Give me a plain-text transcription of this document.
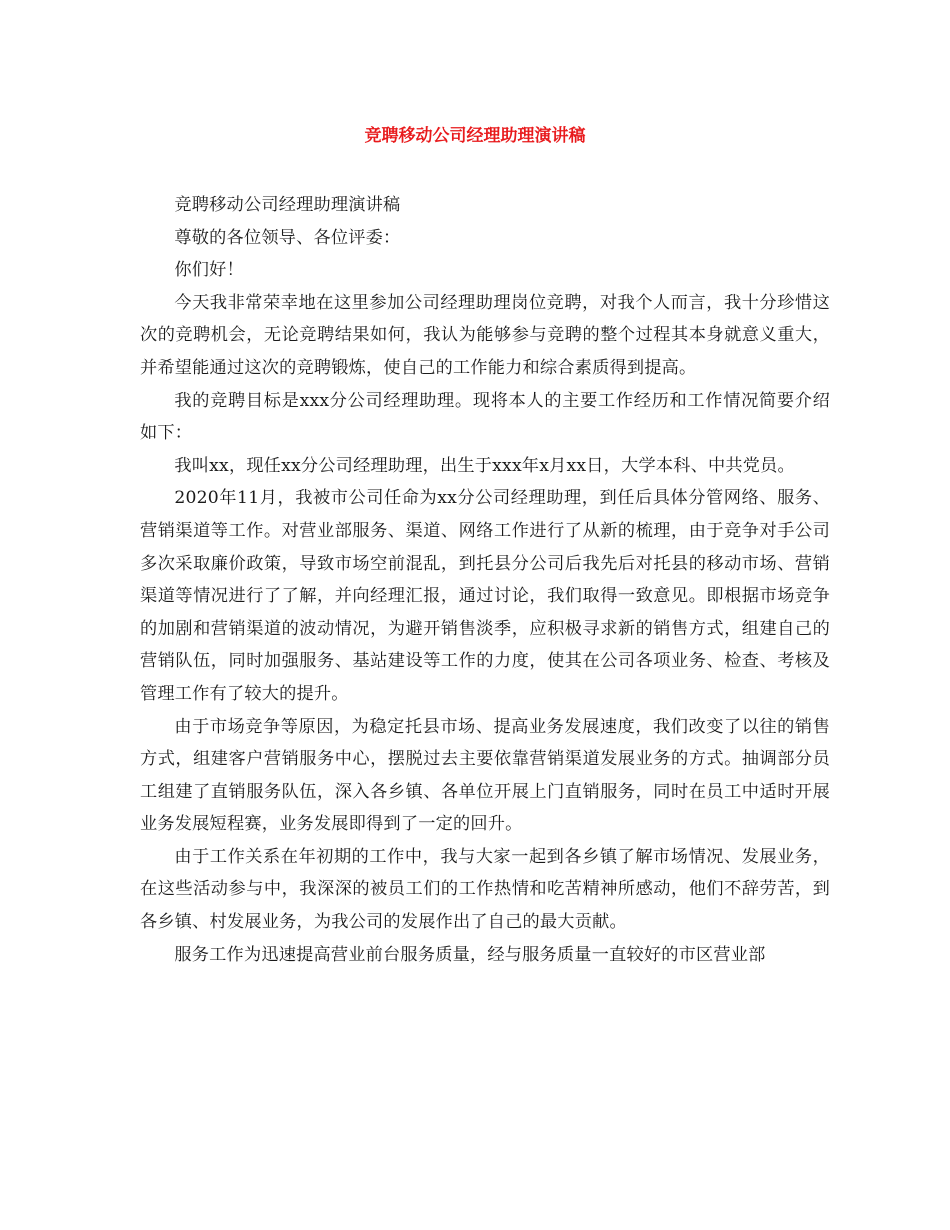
竞聘移动公司经理助理演讲稿

竞聘移动公司经理助理演讲稿

尊敬的各位领导、各位评委：

你们好！

今天我非常荣幸地在这里参加公司经理助理岗位竞聘，对我个人而言，我十分珍惜这次的竞聘机会，无论竞聘结果如何，我认为能够参与竞聘的整个过程其本身就意义重大，并希望能通过这次的竞聘锻炼，使自己的工作能力和综合素质得到提高。

我的竞聘目标是xxx分公司经理助理。现将本人的主要工作经历和工作情况简要介绍如下：

我叫xx，现任xx分公司经理助理，出生于xxx年x月xx日，大学本科、中共党员。

2020年11月，我被市公司任命为xx分公司经理助理，到任后具体分管网络、服务、营销渠道等工作。对营业部服务、渠道、网络工作进行了从新的梳理，由于竞争对手公司多次采取廉价政策，导致市场空前混乱，到托县分公司后我先后对托县的移动市场、营销渠道等情况进行了了解，并向经理汇报，通过讨论，我们取得一致意见。即根据市场竞争的加剧和营销渠道的波动情况，为避开销售淡季，应积极寻求新的销售方式，组建自己的营销队伍，同时加强服务、基站建设等工作的力度，使其在公司各项业务、检查、考核及管理工作有了较大的提升。

由于市场竞争等原因，为稳定托县市场、提高业务发展速度，我们改变了以往的销售方式，组建客户营销服务中心，摆脱过去主要依靠营销渠道发展业务的方式。抽调部分员工组建了直销服务队伍，深入各乡镇、各单位开展上门直销服务，同时在员工中适时开展业务发展短程赛，业务发展即得到了一定的回升。

由于工作关系在年初期的工作中，我与大家一起到各乡镇了解市场情况、发展业务，在这些活动参与中，我深深的被员工们的工作热情和吃苦精神所感动，他们不辞劳苦，到各乡镇、村发展业务，为我公司的发展作出了自己的最大贡献。

服务工作为迅速提高营业前台服务质量，经与服务质量一直较好的市区营业部
